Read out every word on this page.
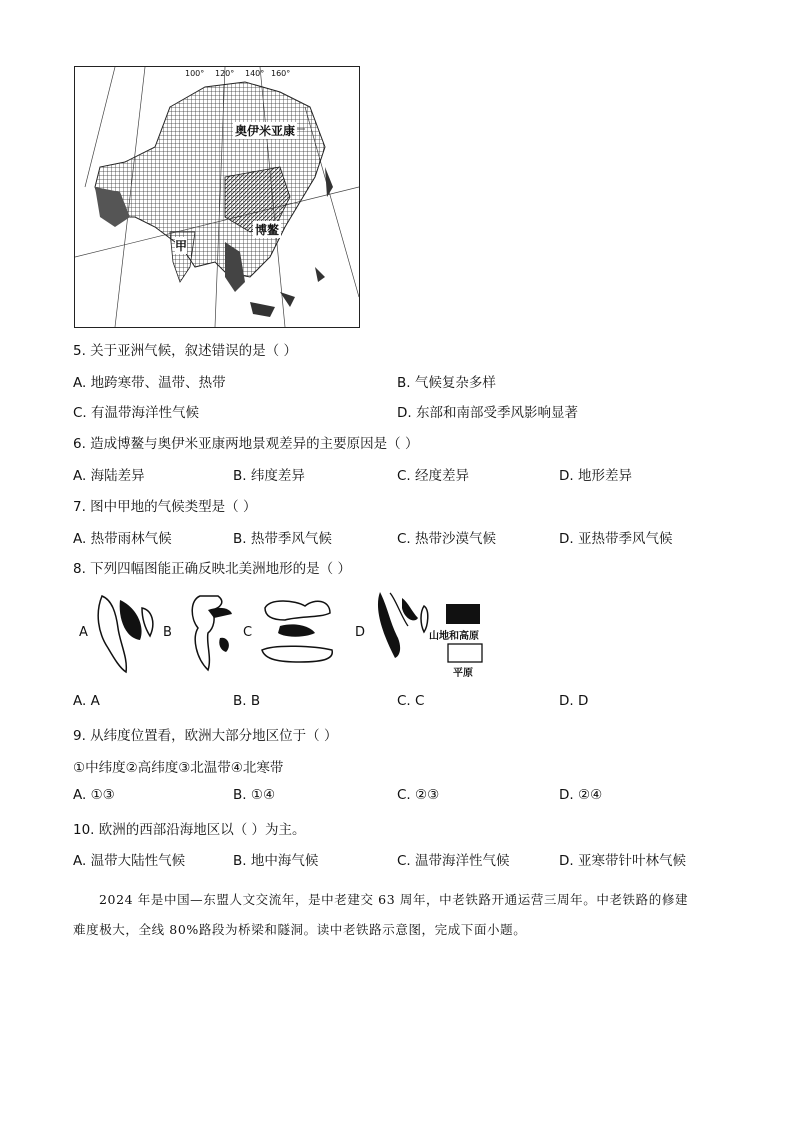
奥伊米亚康
博鳌
甲
100° 120° 140° 160°
5. 关于亚洲气候，叙述错误的是（ ）
A. 地跨寒带、温带、热带	B. 气候复杂多样
C. 有温带海洋性气候	D. 东部和南部受季风影响显著
6. 造成博鳌与奥伊米亚康两地景观差异的主要原因是（ ）
A. 海陆差异	B. 纬度差异	C. 经度差异	D. 地形差异
7. 图中甲地的气候类型是（ ）
A. 热带雨林气候	B. 热带季风气候	C. 热带沙漠气候	D. 亚热带季风气候
8. 下列四幅图能正确反映北美洲地形的是（ ）
A	B	C	D	山地和高原
平原
A. A	B. B	C. C	D. D
9. 从纬度位置看，欧洲大部分地区位于（ ）
①中纬度②高纬度③北温带④北寒带
A. ①③	B. ①④	C. ②③	D. ②④
10. 欧洲的西部沿海地区以（ ）为主。
A. 温带大陆性气候	B. 地中海气候	C. 温带海洋性气候	D. 亚寒带针叶林气候
2024 年是中国—东盟人文交流年，是中老建交 63 周年，中老铁路开通运营三周年。中老铁路的修建
难度极大，全线 80%路段为桥梁和隧洞。读中老铁路示意图，完成下面小题。
